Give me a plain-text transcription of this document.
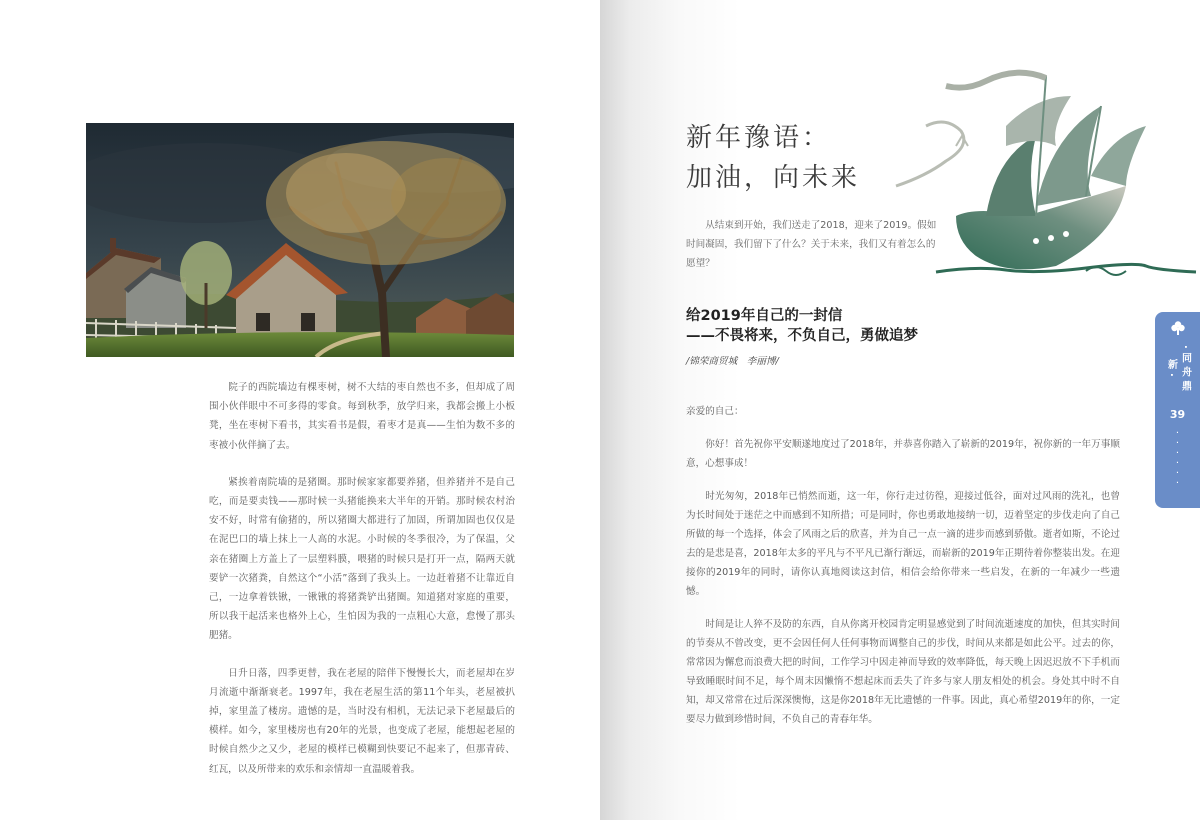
院子的西院墙边有棵枣树，树不大结的枣自然也不多，但却成了周围小伙伴眼中不可多得的零食。每到秋季，放学归来，我都会搬上小板凳，坐在枣树下看书，其实看书是假，看枣才是真——生怕为数不多的枣被小伙伴摘了去。

紧挨着南院墙的是猪圈。那时候家家都要养猪，但养猪并不是自己吃，而是要卖钱——那时候一头猪能换来大半年的开销。那时候农村治安不好，时常有偷猪的，所以猪圈大都进行了加固，所谓加固也仅仅是在泥巴口的墙上抹上一人高的水泥。小时候的冬季很冷，为了保温，父亲在猪圈上方盖上了一层塑料膜，喂猪的时候只是打开一点，隔两天就要铲一次猪粪，自然这个“小活”落到了我头上。一边赶着猪不让靠近自己，一边拿着铁锹，一锹锹的将猪粪铲出猪圈。知道猪对家庭的重要，所以我干起活来也格外上心，生怕因为我的一点粗心大意，怠慢了那头肥猪。

日升日落，四季更替，我在老屋的陪伴下慢慢长大，而老屋却在岁月流逝中渐渐衰老。1997年，我在老屋生活的第11个年头，老屋被扒掉，家里盖了楼房。遗憾的是，当时没有相机，无法记录下老屋最后的模样。如今，家里楼房也有20年的光景，也变成了老屋，能想起老屋的时候自然少之又少，老屋的模样已模糊到快要记不起来了，但那青砖、红瓦，以及所带来的欢乐和亲情却一直温暖着我。

新年豫语：
加油，向未来

从结束到开始，我们送走了2018，迎来了2019。假如时间凝固，我们留下了什么？关于未来，我们又有着怎么的愿望？

给2019年自己的一封信
——不畏将来，不负自己，勇做追梦
/锦荣商贸城　李丽博/

亲爱的自己：

你好！首先祝你平安顺遂地度过了2018年，并恭喜你踏入了崭新的2019年，祝你新的一年万事顺意，心想事成！

时光匆匆，2018年已悄然而逝，这一年，你行走过彷徨，迎接过低谷，面对过风雨的洗礼，也曾为长时间处于迷茫之中而感到不知所措；可是同时，你也勇敢地接纳一切，迈着坚定的步伐走向了自己所做的每一个选择，体会了风雨之后的欣喜，并为自己一点一滴的进步而感到骄傲。逝者如斯，不论过去的是悲是喜，2018年太多的平凡与不平凡已渐行渐远，而崭新的2019年正期待着你整装出发。在迎接你的2019年的同时，请你认真地阅读这封信，相信会给你带来一些启发，在新的一年减少一些遗憾。

时间是让人猝不及防的东西，自从你离开校园肯定明显感觉到了时间流逝速度的加快，但其实时间的节奏从不曾改变，更不会因任何人任何事物而调整自己的步伐，时间从来都是如此公平。过去的你，常常因为懈怠而浪费大把的时间，工作学习中因走神而导致的效率降低，每天晚上因迟迟放不下手机而导致睡眠时间不足，每个周末因懒惰不想起床而丢失了许多与家人朋友相处的机会。身处其中时不自知，却又常常在过后深深懊悔，这是你2018年无比遗憾的一件事。因此，真心希望2019年的你，一定要尽力做到珍惜时间，不负自己的青春年华。

·同舟鼎新·
39
·
·
·
·
·
·
